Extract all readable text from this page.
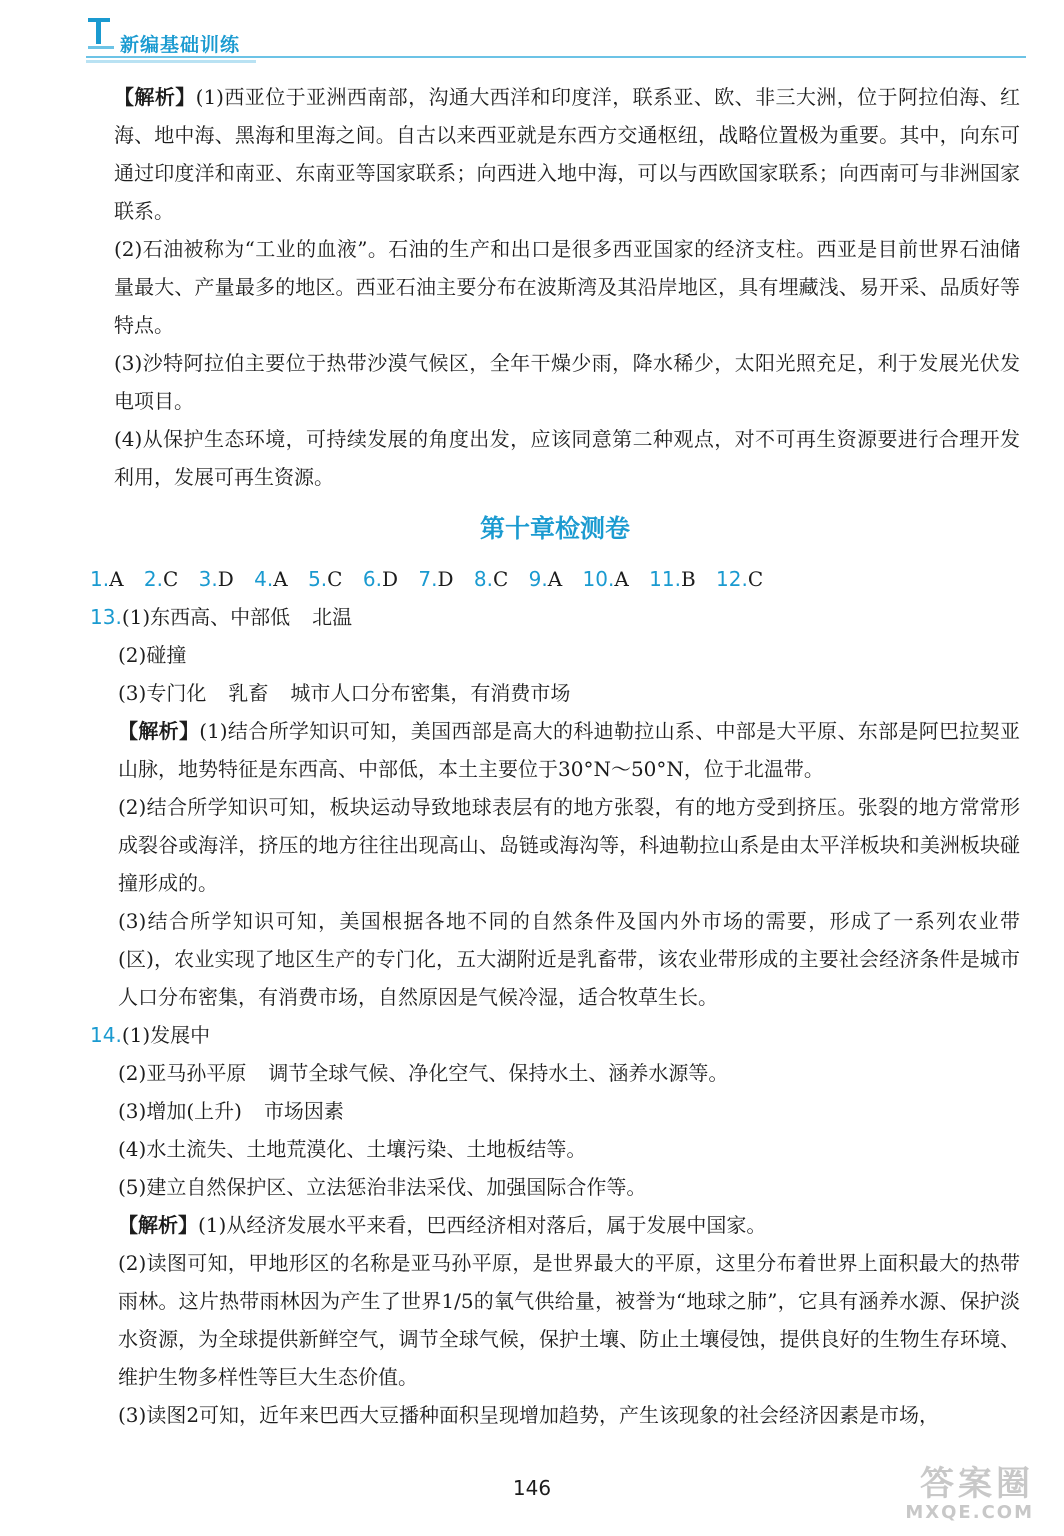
新编基础训练

【解析】(1)西亚位于亚洲西南部，沟通大西洋和印度洋，联系亚、欧、非三大洲，位于阿拉伯海、红海、地中海、黑海和里海之间。自古以来西亚就是东西方交通枢纽，战略位置极为重要。其中，向东可通过印度洋和南亚、东南亚等国家联系；向西进入地中海，可以与西欧国家联系；向西南可与非洲国家联系。

(2)石油被称为“工业的血液”。石油的生产和出口是很多西亚国家的经济支柱。西亚是目前世界石油储量最大、产量最多的地区。西亚石油主要分布在波斯湾及其沿岸地区，具有埋藏浅、易开采、品质好等特点。

(3)沙特阿拉伯主要位于热带沙漠气候区，全年干燥少雨，降水稀少，太阳光照充足，利于发展光伏发电项目。

(4)从保护生态环境，可持续发展的角度出发，应该同意第二种观点，对不可再生资源要进行合理开发利用，发展可再生资源。

第十章检测卷
1.A 2.C 3.D 4.A 5.C 6.D 7.D 8.C 9.A 10.A 11.B 12.C

13.(1)东西高、中部低 北温

(2)碰撞

(3)专门化 乳畜 城市人口分布密集，有消费市场

【解析】(1)结合所学知识可知，美国西部是高大的科迪勒拉山系、中部是大平原、东部是阿巴拉契亚山脉，地势特征是东西高、中部低，本土主要位于30°N～50°N，位于北温带。

(2)结合所学知识可知，板块运动导致地球表层有的地方张裂，有的地方受到挤压。张裂的地方常常形成裂谷或海洋，挤压的地方往往出现高山、岛链或海沟等，科迪勒拉山系是由太平洋板块和美洲板块碰撞形成的。

(3)结合所学知识可知，美国根据各地不同的自然条件及国内外市场的需要，形成了一系列农业带(区)，农业实现了地区生产的专门化，五大湖附近是乳畜带，该农业带形成的主要社会经济条件是城市人口分布密集，有消费市场，自然原因是气候冷湿，适合牧草生长。

14.(1)发展中

(2)亚马孙平原 调节全球气候、净化空气、保持水土、涵养水源等。

(3)增加(上升) 市场因素

(4)水土流失、土地荒漠化、土壤污染、土地板结等。

(5)建立自然保护区、立法惩治非法采伐、加强国际合作等。

【解析】(1)从经济发展水平来看，巴西经济相对落后，属于发展中国家。

(2)读图可知，甲地形区的名称是亚马孙平原，是世界最大的平原，这里分布着世界上面积最大的热带雨林。这片热带雨林因为产生了世界1/5的氧气供给量，被誉为“地球之肺”，它具有涵养水源、保护淡水资源，为全球提供新鲜空气，调节全球气候，保护土壤、防止土壤侵蚀，提供良好的生物生存环境、维护生物多样性等巨大生态价值。

(3)读图2可知，近年来巴西大豆播种面积呈现增加趋势，产生该现象的社会经济因素是市场，

146	答案圈
MXQE.COM
